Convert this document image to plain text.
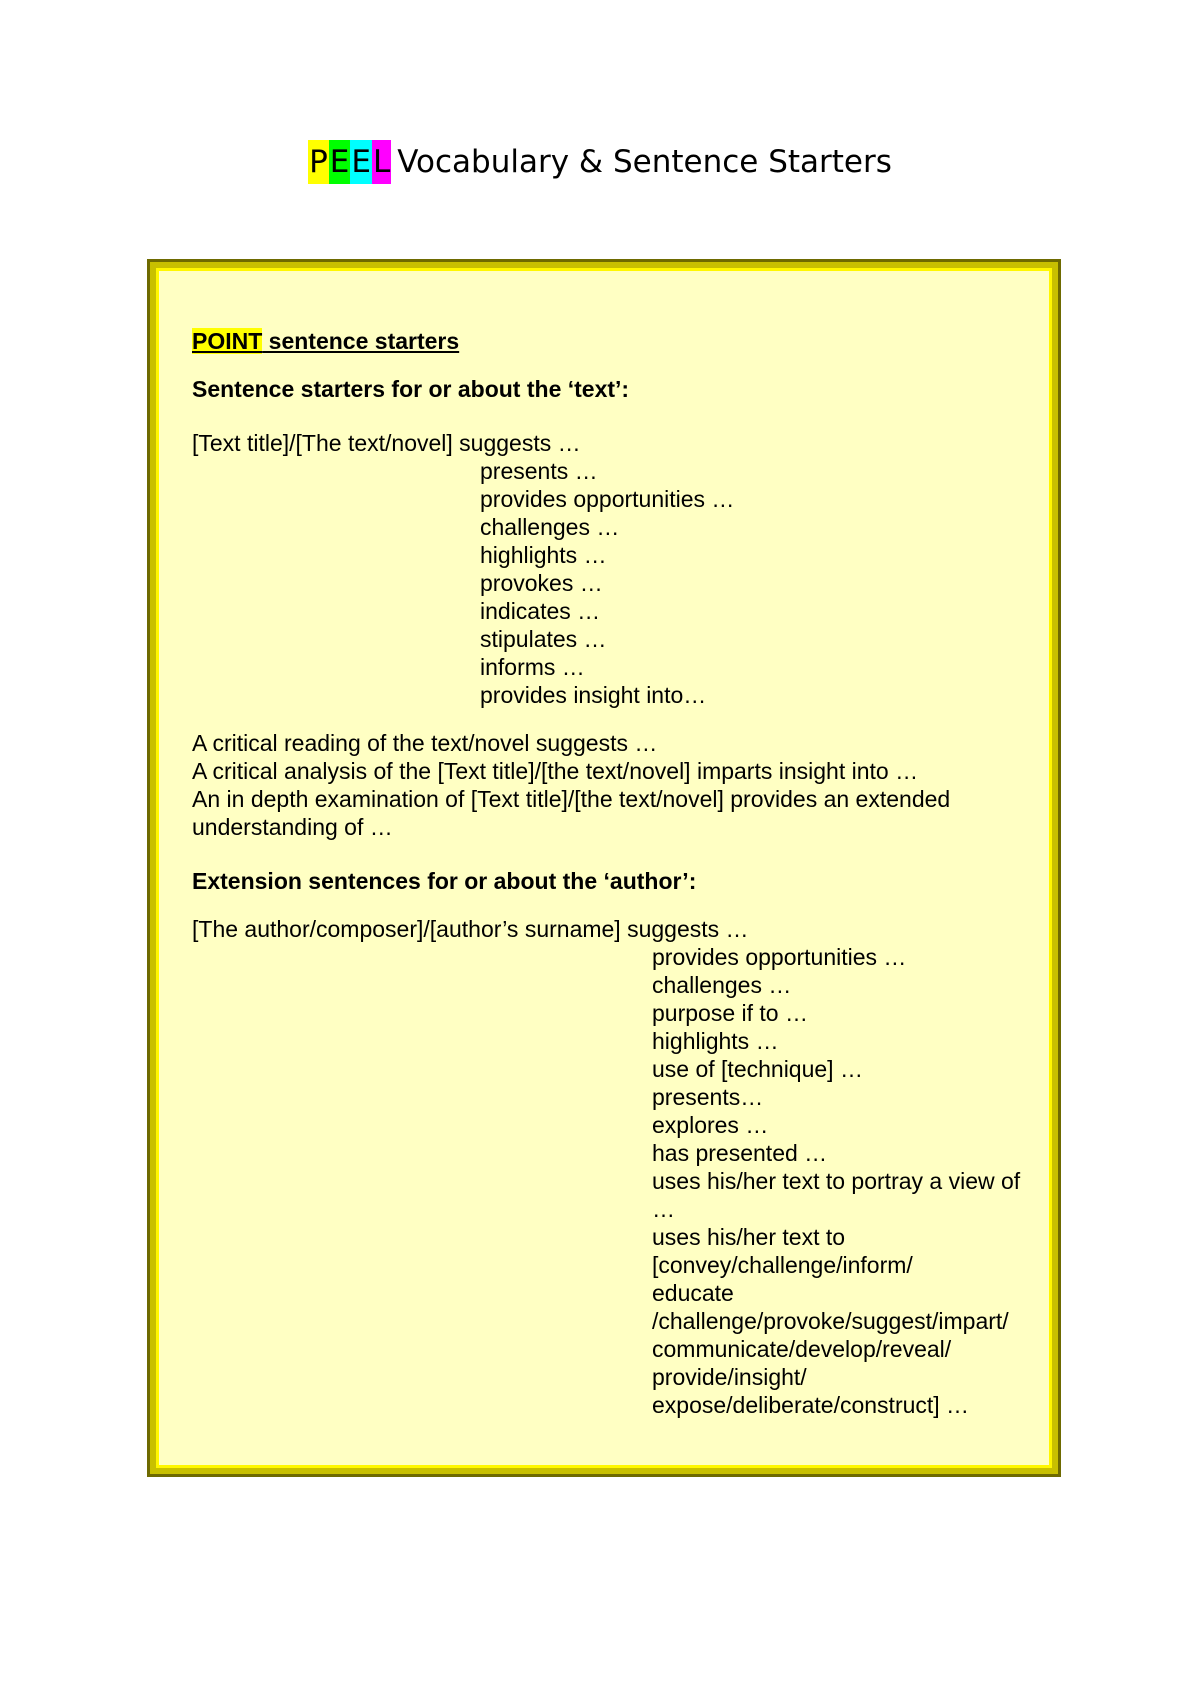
PEEL Vocabulary & Sentence Starters

POINT sentence starters

Sentence starters for or about the ‘text’:

[Text title]/[The text/novel] suggests …

presents …

provides opportunities …

challenges …

highlights …

provokes …

indicates …

stipulates …

informs …

provides insight into…

A critical reading of the text/novel suggests …

A critical analysis of the [Text title]/[the text/novel] imparts insight into …

An in depth examination of [Text title]/[the text/novel] provides an extended understanding of …

Extension sentences for or about the ‘author’:

[The author/composer]/[author’s surname] suggests …

provides opportunities …

challenges …

purpose if to …

highlights …

use of [technique] …

presents…

explores …

has presented …

uses his/her text to portray a view of …

uses his/her text to

[convey/challenge/inform/

educate

/challenge/provoke/suggest/impart/

communicate/develop/reveal/

provide/insight/

expose/deliberate/construct] …
